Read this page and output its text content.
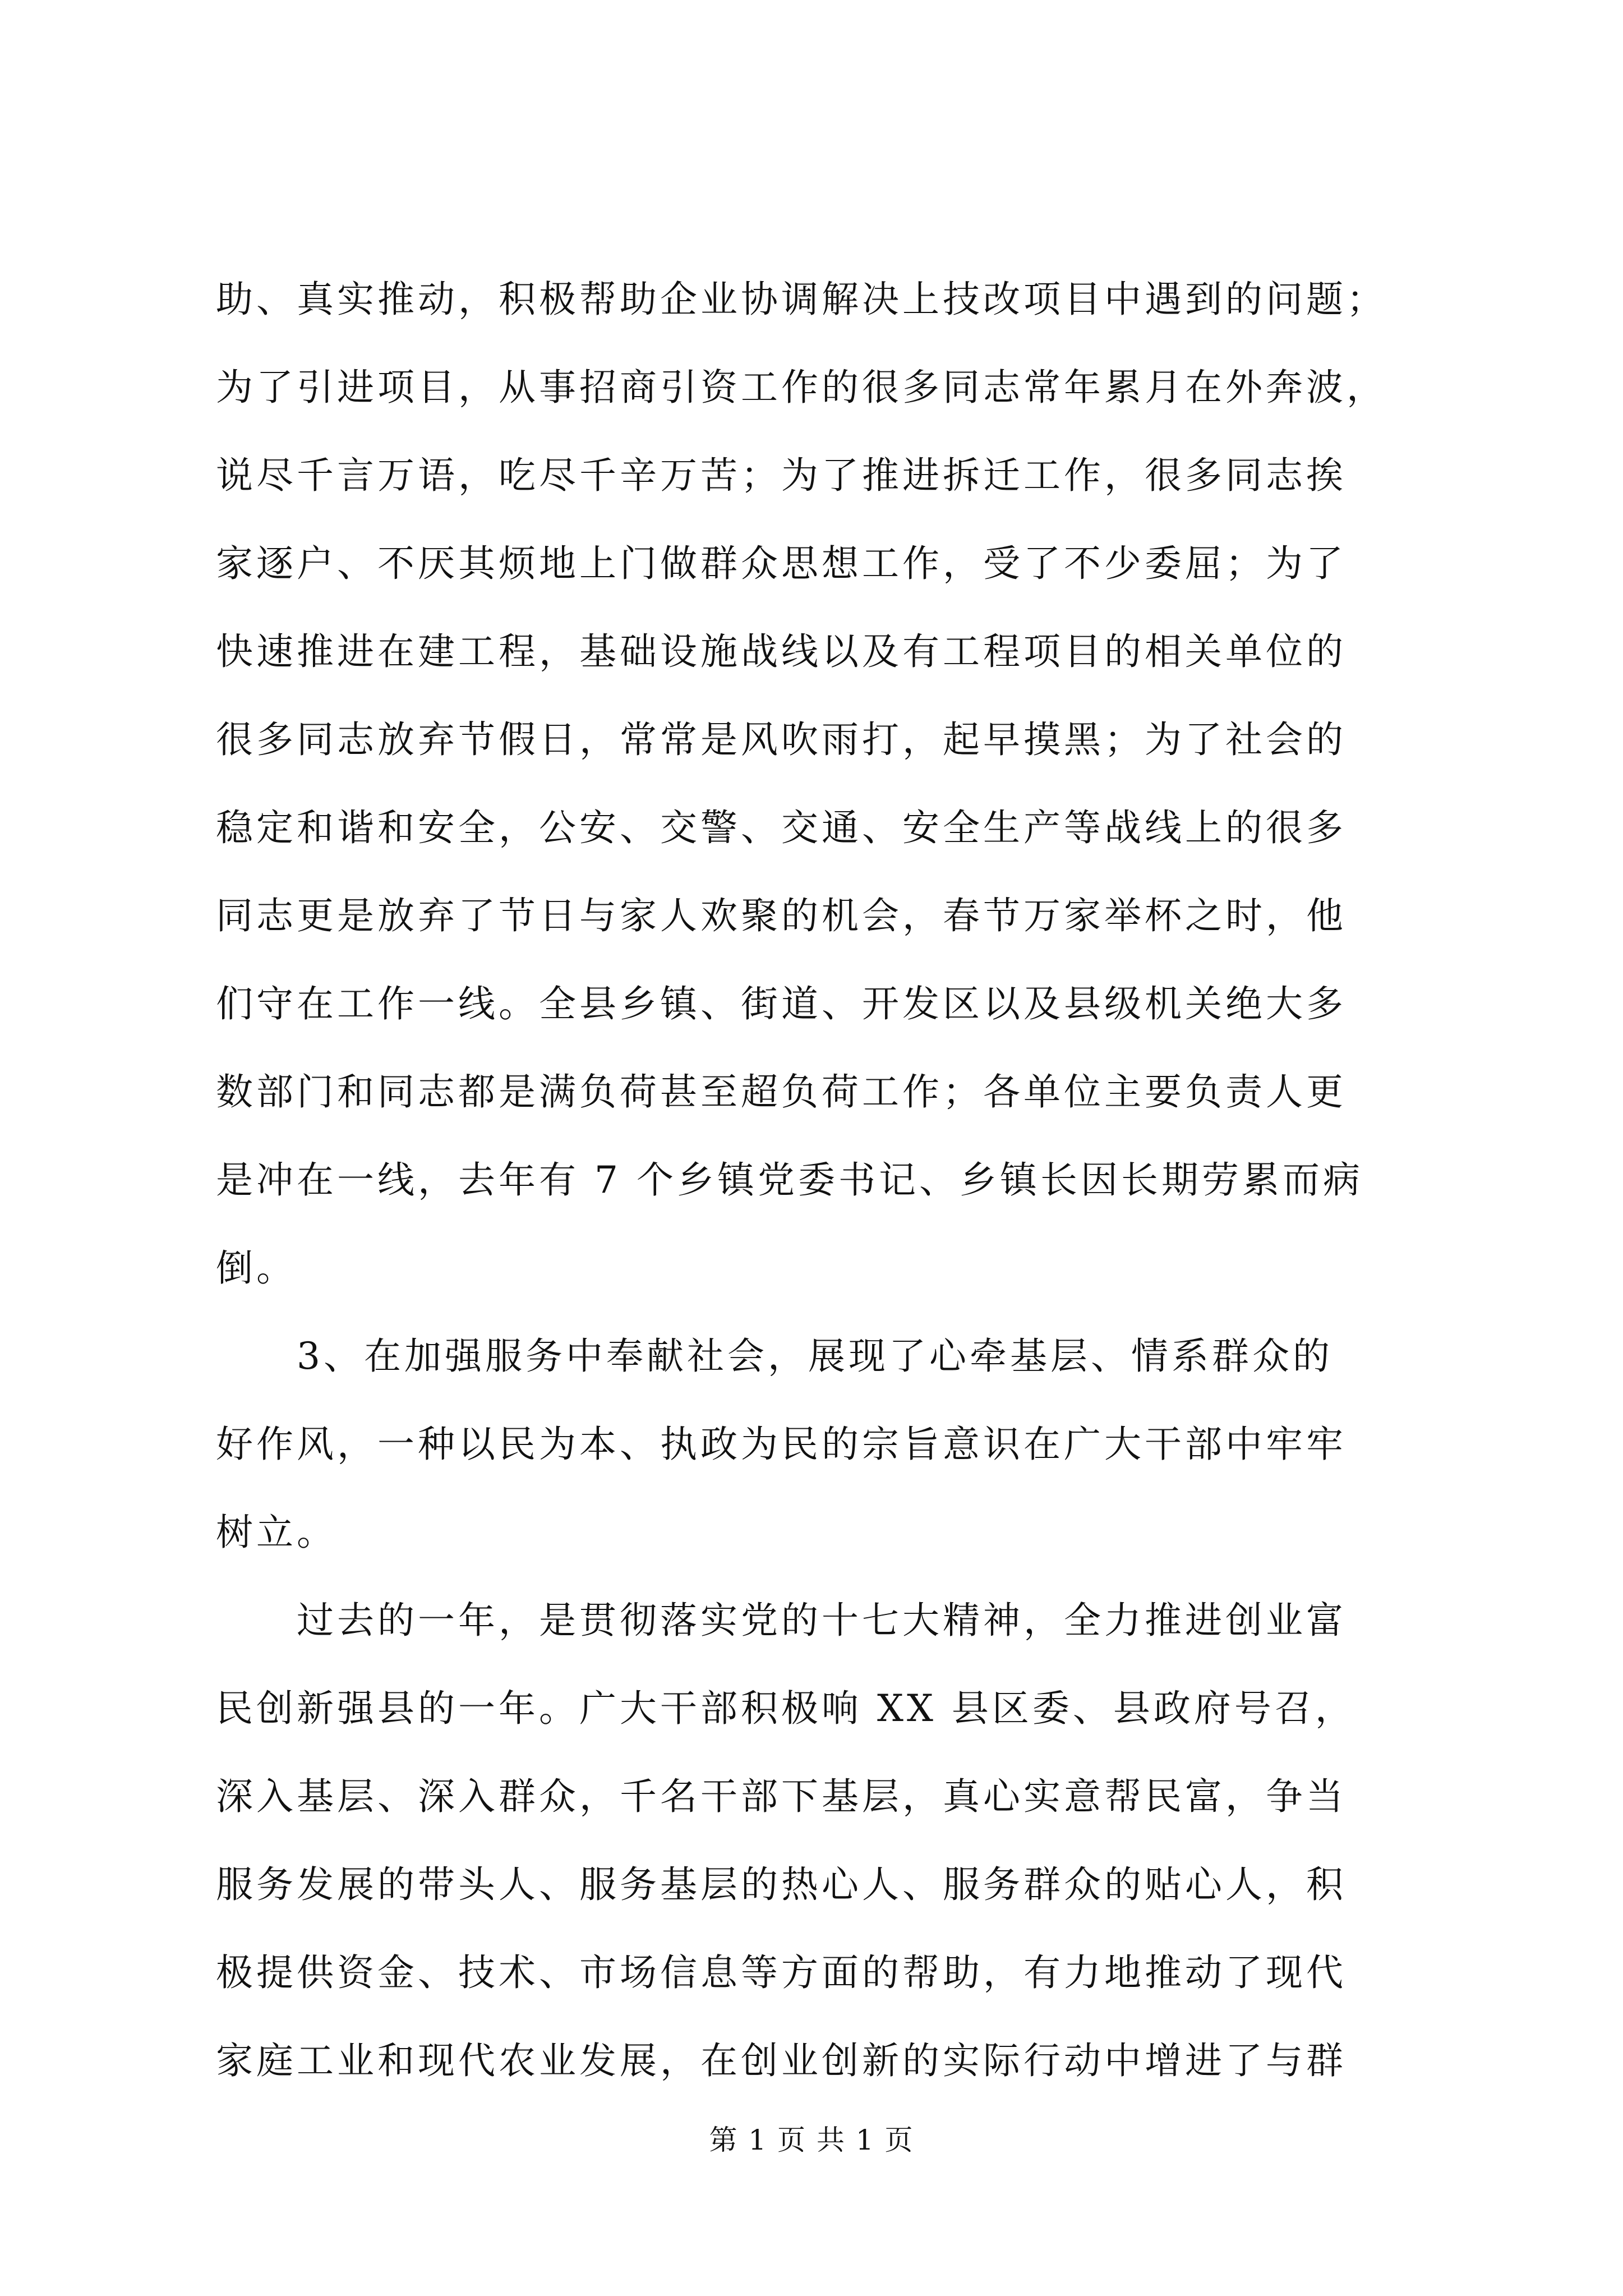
助、真实推动，积极帮助企业协调解决上技改项目中遇到的问题；
为了引进项目，从事招商引资工作的很多同志常年累月在外奔波，
说尽千言万语，吃尽千辛万苦；为了推进拆迁工作，很多同志挨
家逐户、不厌其烦地上门做群众思想工作，受了不少委屈；为了
快速推进在建工程，基础设施战线以及有工程项目的相关单位的
很多同志放弃节假日，常常是风吹雨打，起早摸黑；为了社会的
稳定和谐和安全，公安、交警、交通、安全生产等战线上的很多
同志更是放弃了节日与家人欢聚的机会，春节万家举杯之时，他
们守在工作一线。全县乡镇、街道、开发区以及县级机关绝大多
数部门和同志都是满负荷甚至超负荷工作；各单位主要负责人更
是冲在一线，去年有 7 个乡镇党委书记、乡镇长因长期劳累而病
倒。
　　3、在加强服务中奉献社会，展现了心牵基层、情系群众的
好作风，一种以民为本、执政为民的宗旨意识在广大干部中牢牢
树立。
　　过去的一年，是贯彻落实党的十七大精神，全力推进创业富
民创新强县的一年。广大干部积极响 XX 县区委、县政府号召，
深入基层、深入群众，千名干部下基层，真心实意帮民富，争当
服务发展的带头人、服务基层的热心人、服务群众的贴心人，积
极提供资金、技术、市场信息等方面的帮助，有力地推动了现代
家庭工业和现代农业发展，在创业创新的实际行动中增进了与群
第 1 页 共 1 页
